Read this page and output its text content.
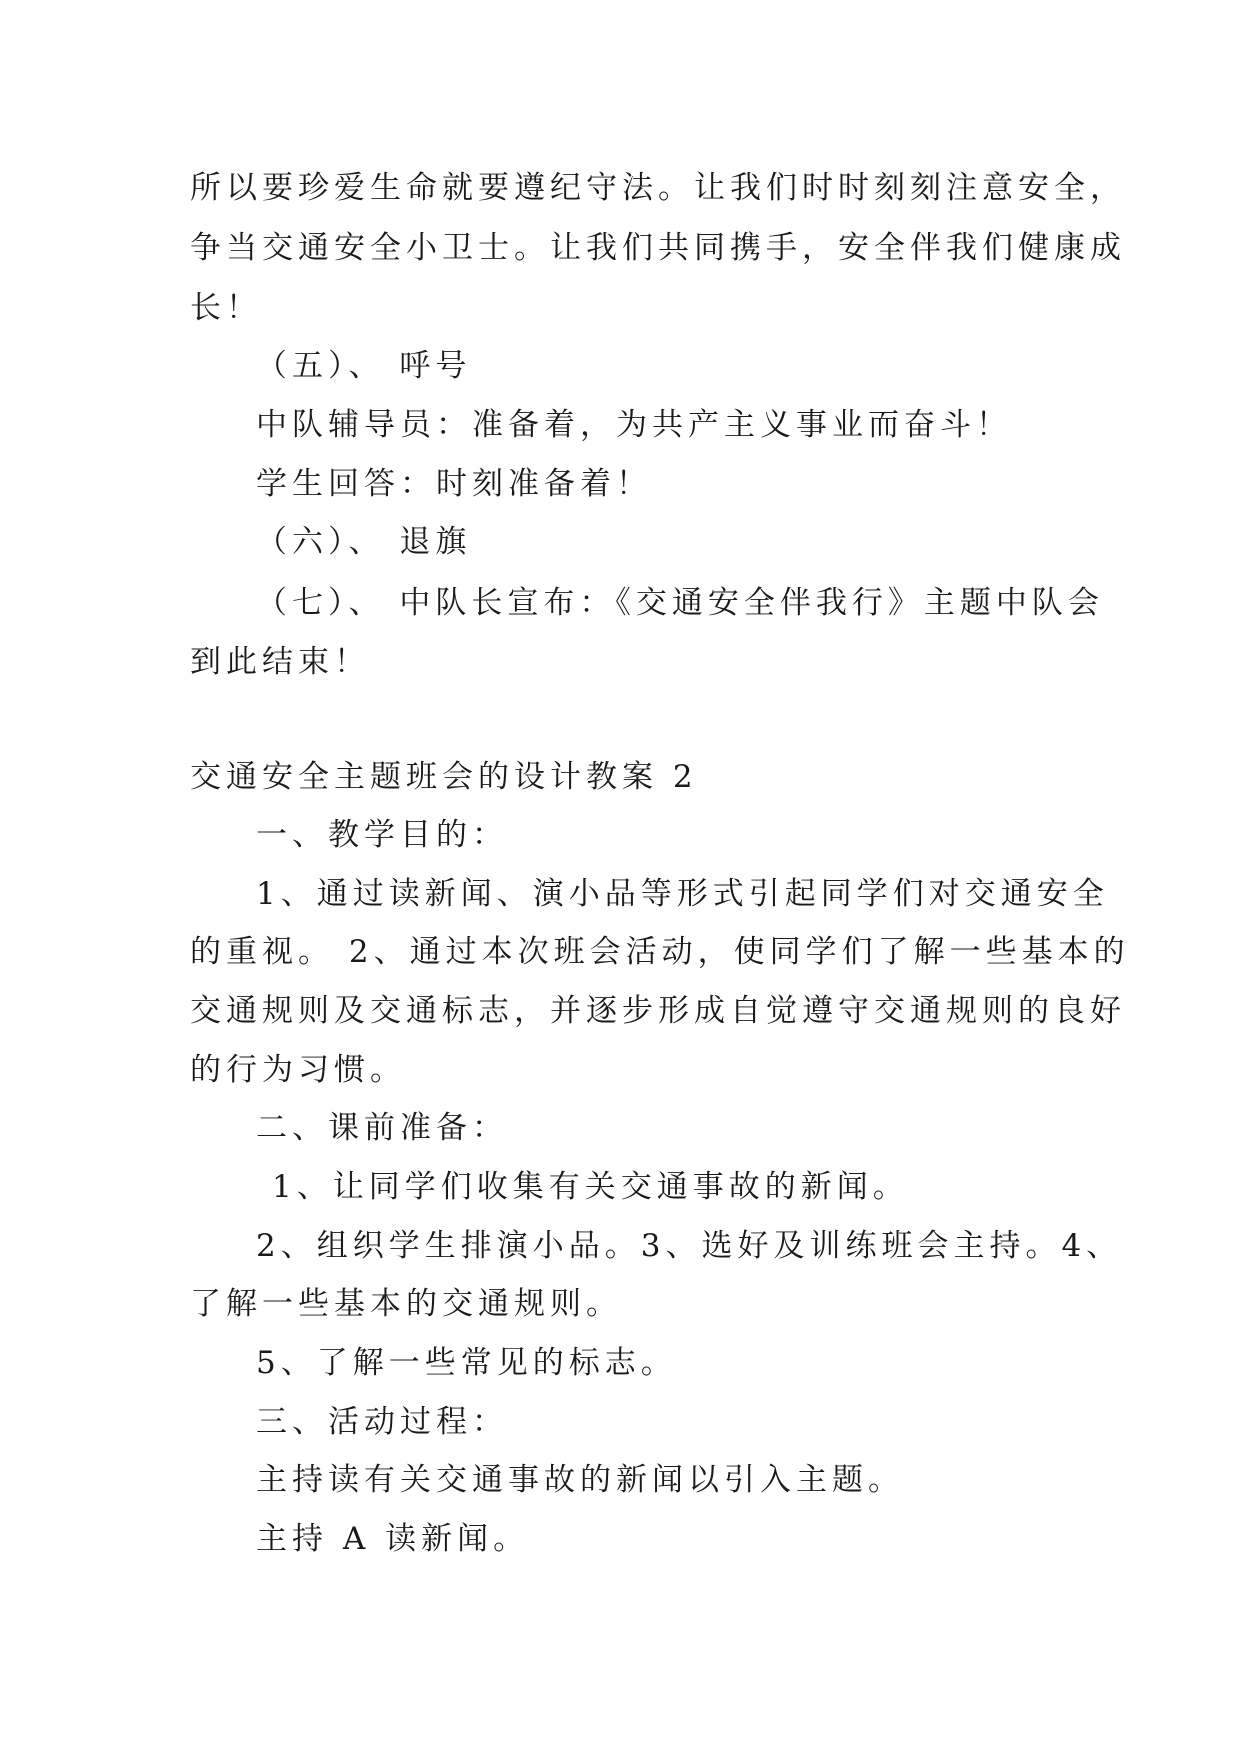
所以要珍爱生命就要遵纪守法。让我们时时刻刻注意安全，
争当交通安全小卫士。让我们共同携手，安全伴我们健康成
长！
（五）、 呼号
中队辅导员：准备着，为共产主义事业而奋斗！
学生回答：时刻准备着！
（六）、 退旗
（七）、 中队长宣布：《交通安全伴我行》主题中队会
到此结束！
交通安全主题班会的设计教案 2
一、教学目的：
1、通过读新闻、演小品等形式引起同学们对交通安全
的重视。 2、通过本次班会活动，使同学们了解一些基本的
交通规则及交通标志，并逐步形成自觉遵守交通规则的良好
的行为习惯。
二、课前准备：
1、让同学们收集有关交通事故的新闻。
2、组织学生排演小品。3、选好及训练班会主持。4、
了解一些基本的交通规则。
5、了解一些常见的标志。
三、活动过程：
主持读有关交通事故的新闻以引入主题。
主持 A 读新闻。
